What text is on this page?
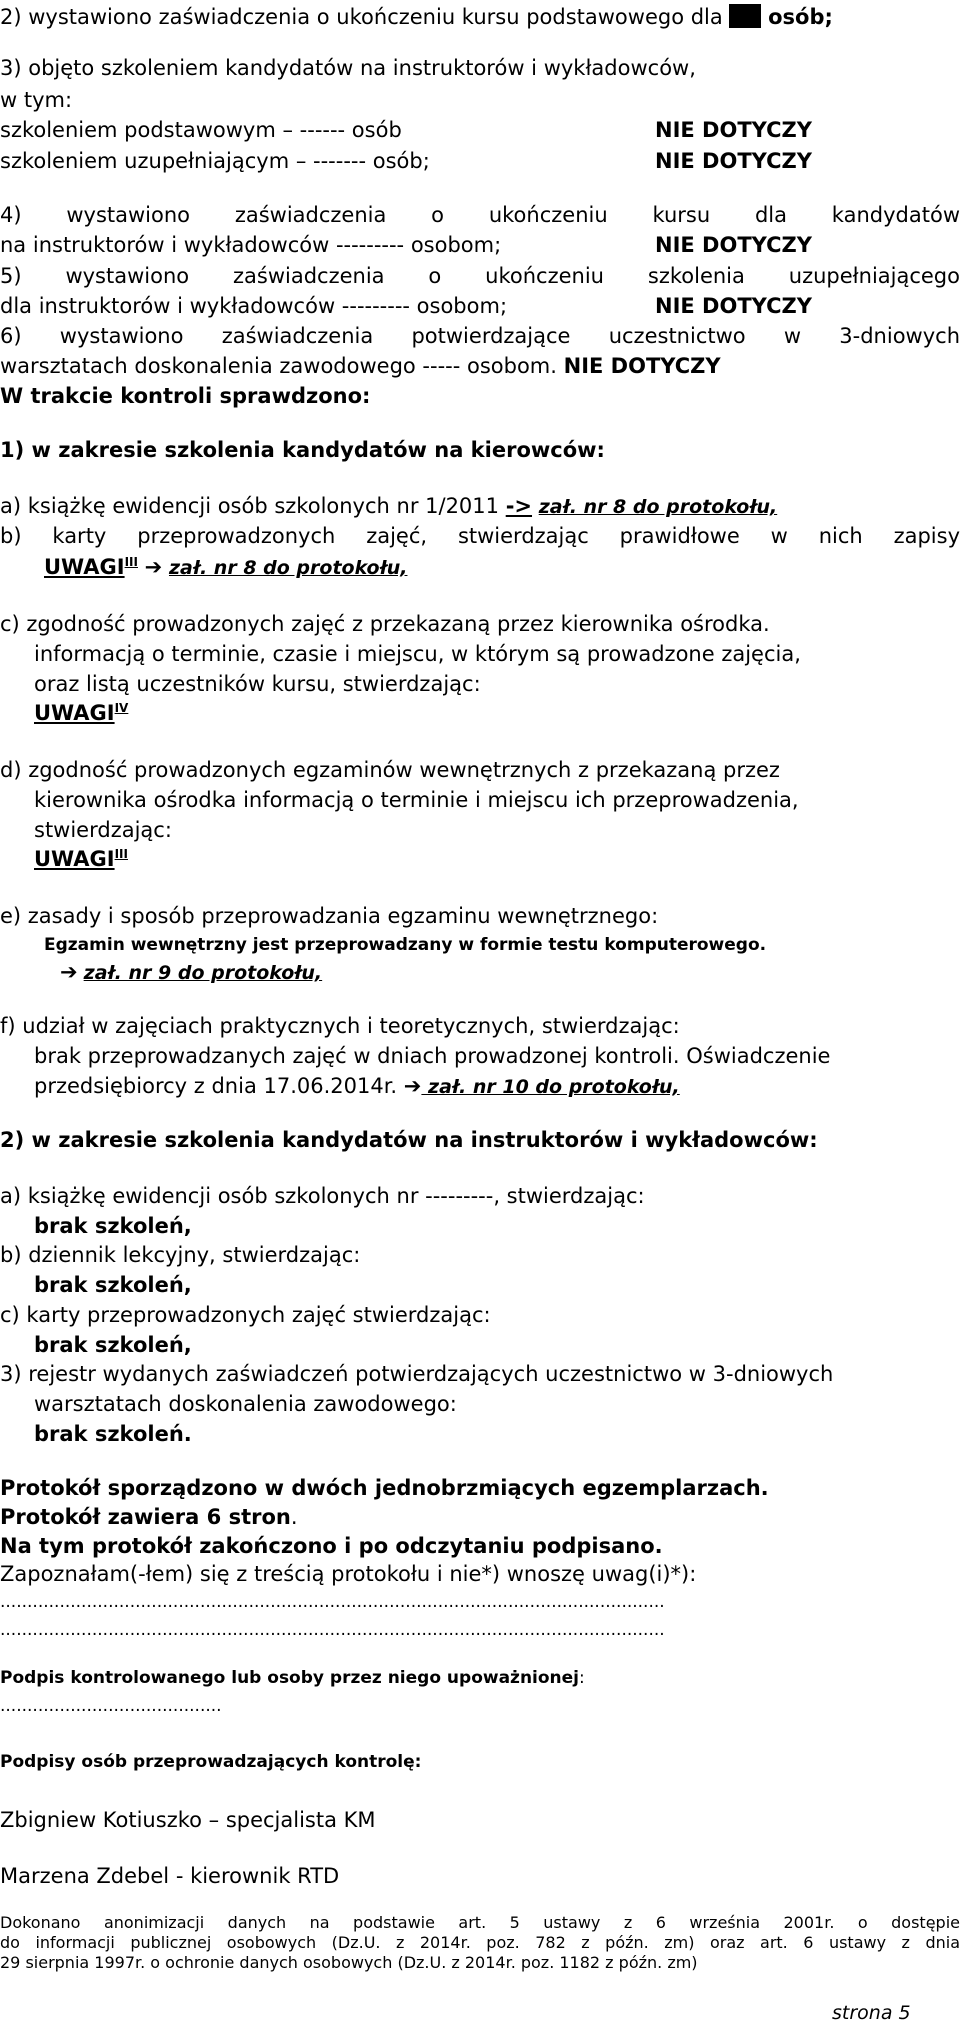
2) wystawiono zaświadczenia o ukończeniu kursu podstawowego dla osób;
3) objęto szkoleniem kandydatów na instruktorów i wykładowców,
w tym:
szkoleniem podstawowym – ------ osób	NIE DOTYCZY
szkoleniem uzupełniającym – ------- osób;	NIE DOTYCZY
4) wystawiono zaświadczenia o ukończeniu kursu dla kandydatów
na instruktorów i wykładowców --------- osobom;	NIE DOTYCZY
5) wystawiono zaświadczenia o ukończeniu szkolenia uzupełniającego
dla instruktorów i wykładowców --------- osobom;	NIE DOTYCZY
6) wystawiono zaświadczenia potwierdzające uczestnictwo w 3-dniowych
warsztatach doskonalenia zawodowego ----- osobom. NIE DOTYCZY
W trakcie kontroli sprawdzono:
1) w zakresie szkolenia kandydatów na kierowców:
a) książkę ewidencji osób szkolonych nr 1/2011 -> zał. nr 8 do protokołu,
b) karty przeprowadzonych zajęć, stwierdzając prawidłowe w nich zapisy
$UWAGI^{III}$ ➔ zał. nr 8 do protokołu,
c) zgodność prowadzonych zajęć z przekazaną przez kierownika ośrodka.
informacją o terminie, czasie i miejscu, w którym są prowadzone zajęcia,
oraz listą uczestników kursu, stwierdzając:
$UWAGI^{IV}$
d) zgodność prowadzonych egzaminów wewnętrznych z przekazaną przez
kierownika ośrodka informacją o terminie i miejscu ich przeprowadzenia,
stwierdzając:
$UWAGI^{III}$
e) zasady i sposób przeprowadzania egzaminu wewnętrznego:
Egzamin wewnętrzny jest przeprowadzany w formie testu komputerowego.
➔ zał. nr 9 do protokołu,
f) udział w zajęciach praktycznych i teoretycznych, stwierdzając:
brak przeprowadzanych zajęć w dniach prowadzonej kontroli. Oświadczenie
przedsiębiorcy z dnia 17.06.2014r. ➔ zał. nr 10 do protokołu,
2) w zakresie szkolenia kandydatów na instruktorów i wykładowców:
a) książkę ewidencji osób szkolonych nr ---------, stwierdzając:
brak szkoleń,
b) dziennik lekcyjny, stwierdzając:
brak szkoleń,
c) karty przeprowadzonych zajęć stwierdzając:
brak szkoleń,
3) rejestr wydanych zaświadczeń potwierdzających uczestnictwo w 3-dniowych
warsztatach doskonalenia zawodowego:
brak szkoleń.
Protokół sporządzono w dwóch jednobrzmiących egzemplarzach.
Protokół zawiera 6 stron.
Na tym protokół zakończono i po odczytaniu podpisano.
Zapoznałam(-łem) się z treścią protokołu i nie*) wnoszę uwag(i)*):
...........................................................................................................................
...........................................................................................................................
Podpis kontrolowanego lub osoby przez niego upoważnionej:
.........................................
Podpisy osób przeprowadzających kontrolę:
Zbigniew Kotiuszko – specjalista KM
Marzena Zdebel - kierownik RTD
Dokonano anonimizacji danych na podstawie art. 5 ustawy z 6 września 2001r. o dostępie
do informacji publicznej osobowych (Dz.U. z 2014r. poz. 782 z późn. zm) oraz art. 6 ustawy z dnia
29 sierpnia 1997r. o ochronie danych osobowych (Dz.U. z 2014r. poz. 1182 z późn. zm)
strona 5
